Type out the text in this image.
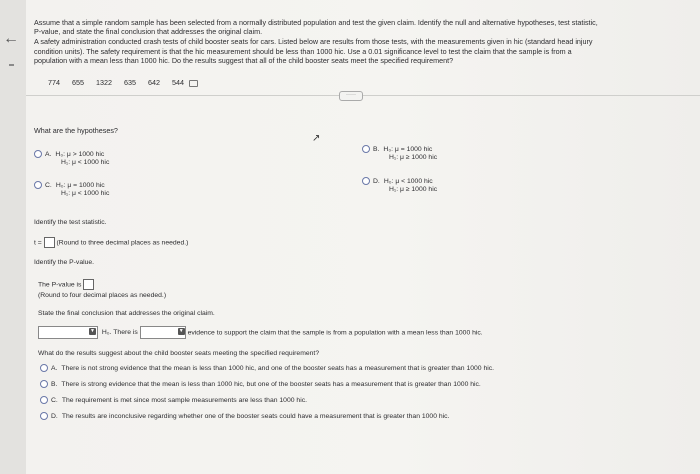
←

Assume that a simple random sample has been selected from a normally distributed population and test the given claim. Identify the null and alternative hypotheses, test statistic,

P-value, and state the final conclusion that addresses the original claim.

A safety administration conducted crash tests of child booster seats for cars. Listed below are results from those tests, with the measurements given in hic (standard head injury

condition units). The safety requirement is that the hic measurement should be less than 1000 hic. Use a 0.01 significance level to test the claim that the sample is from a

population with a mean less than 1000 hic. Do the results suggest that all of the child booster seats meet the specified requirement?

774 655 1322 635 642 544
·····
What are the hypotheses?
A. H₀: μ > 1000 hic
H₁: μ < 1000 hic
B. H₀: μ = 1000 hic
H₁: μ ≥ 1000 hic
C. H₀: μ = 1000 hic
H₁: μ < 1000 hic
D. H₀: μ < 1000 hic
H₁: μ ≥ 1000 hic
↗
Identify the test statistic.
t = (Round to three decimal places as needed.)
Identify the P-value.
The P-value is
(Round to four decimal places as needed.)
State the final conclusion that addresses the original claim.
▼ H₀. There is	▼ evidence to support the claim that the sample is from a population with a mean less than 1000 hic.
What do the results suggest about the child booster seats meeting the specified requirement?
A. There is not strong evidence that the mean is less than 1000 hic, and one of the booster seats has a measurement that is greater than 1000 hic.
B. There is strong evidence that the mean is less than 1000 hic, but one of the booster seats has a measurement that is greater than 1000 hic.
C. The requirement is met since most sample measurements are less than 1000 hic.
D. The results are inconclusive regarding whether one of the booster seats could have a measurement that is greater than 1000 hic.
